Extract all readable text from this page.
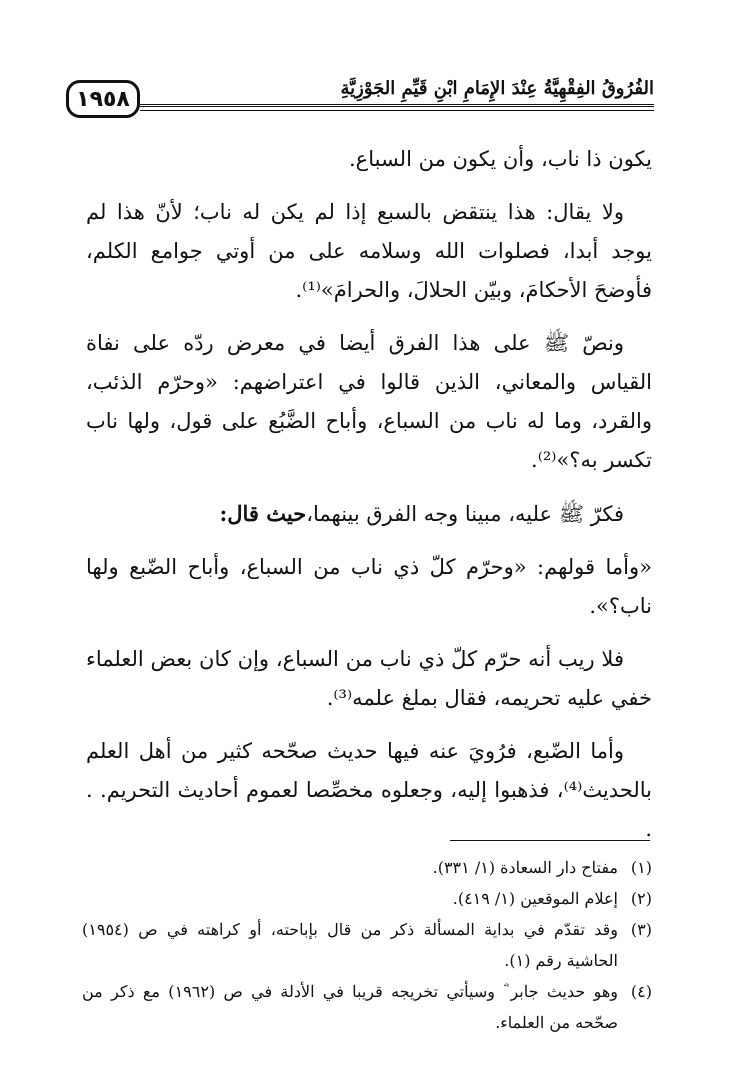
١٩٥٨	الفُرُوقُ الفِقْهِيَّةُ عِنْدَ الإِمَامِ ابْنِ قَيِّمِ الجَوْزِيَّةِ

يكون ذا ناب، وأن يكون من السباع.

ولا يقال: هذا ينتقض بالسبع إذا لم يكن له ناب؛ لأنّ هذا لم يوجد أبدا، فصلوات الله وسلامه على من أوتي جوامع الكلم، فأوضحَ الأحكامَ، وبيّن الحلالَ، والحرامَ»⁽¹⁾.

ونصّ ﷺ على هذا الفرق أيضا في معرض ردّه على نفاة القياس والمعاني، الذين قالوا في اعتراضهم: «وحرّم الذئب، والقرد، وما له ناب من السباع، وأباح الضَّبُع على قول، ولها ناب تكسر به؟»⁽²⁾.

فكرّ ﷺ عليه، مبينا وجه الفرق بينهما،حيث قال:

«وأما قولهم: «وحرّم كلّ ذي ناب من السباع، وأباح الضّبع ولها ناب؟».

فلا ريب أنه حرّم كلّ ذي ناب من السباع، وإن كان بعض العلماء خفي عليه تحريمه، فقال بملغ علمه⁽³⁾.

وأما الضّبع، فرُويَ عنه فيها حديث صحّحه كثير من أهل العلم بالحديث⁽⁴⁾، فذهبوا إليه، وجعلوه مخصِّصا لعموم أحاديث التحريم. . .

(١)
مفتاح دار السعادة (١/ ٣٣١).
(٢)
إعلام الموقعين (١/ ٤١٩).
(٣)
وقد تقدّم في بداية المسألة ذكر من قال بإباحته، أو كراهته في ص (١٩٥٤) الحاشية رقم (١).
(٤)
وهو حديث جابر ؓ وسيأتي تخريجه قريبا في الأدلة في ص (١٩٦٢) مع ذكر من صحّحه من العلماء.
